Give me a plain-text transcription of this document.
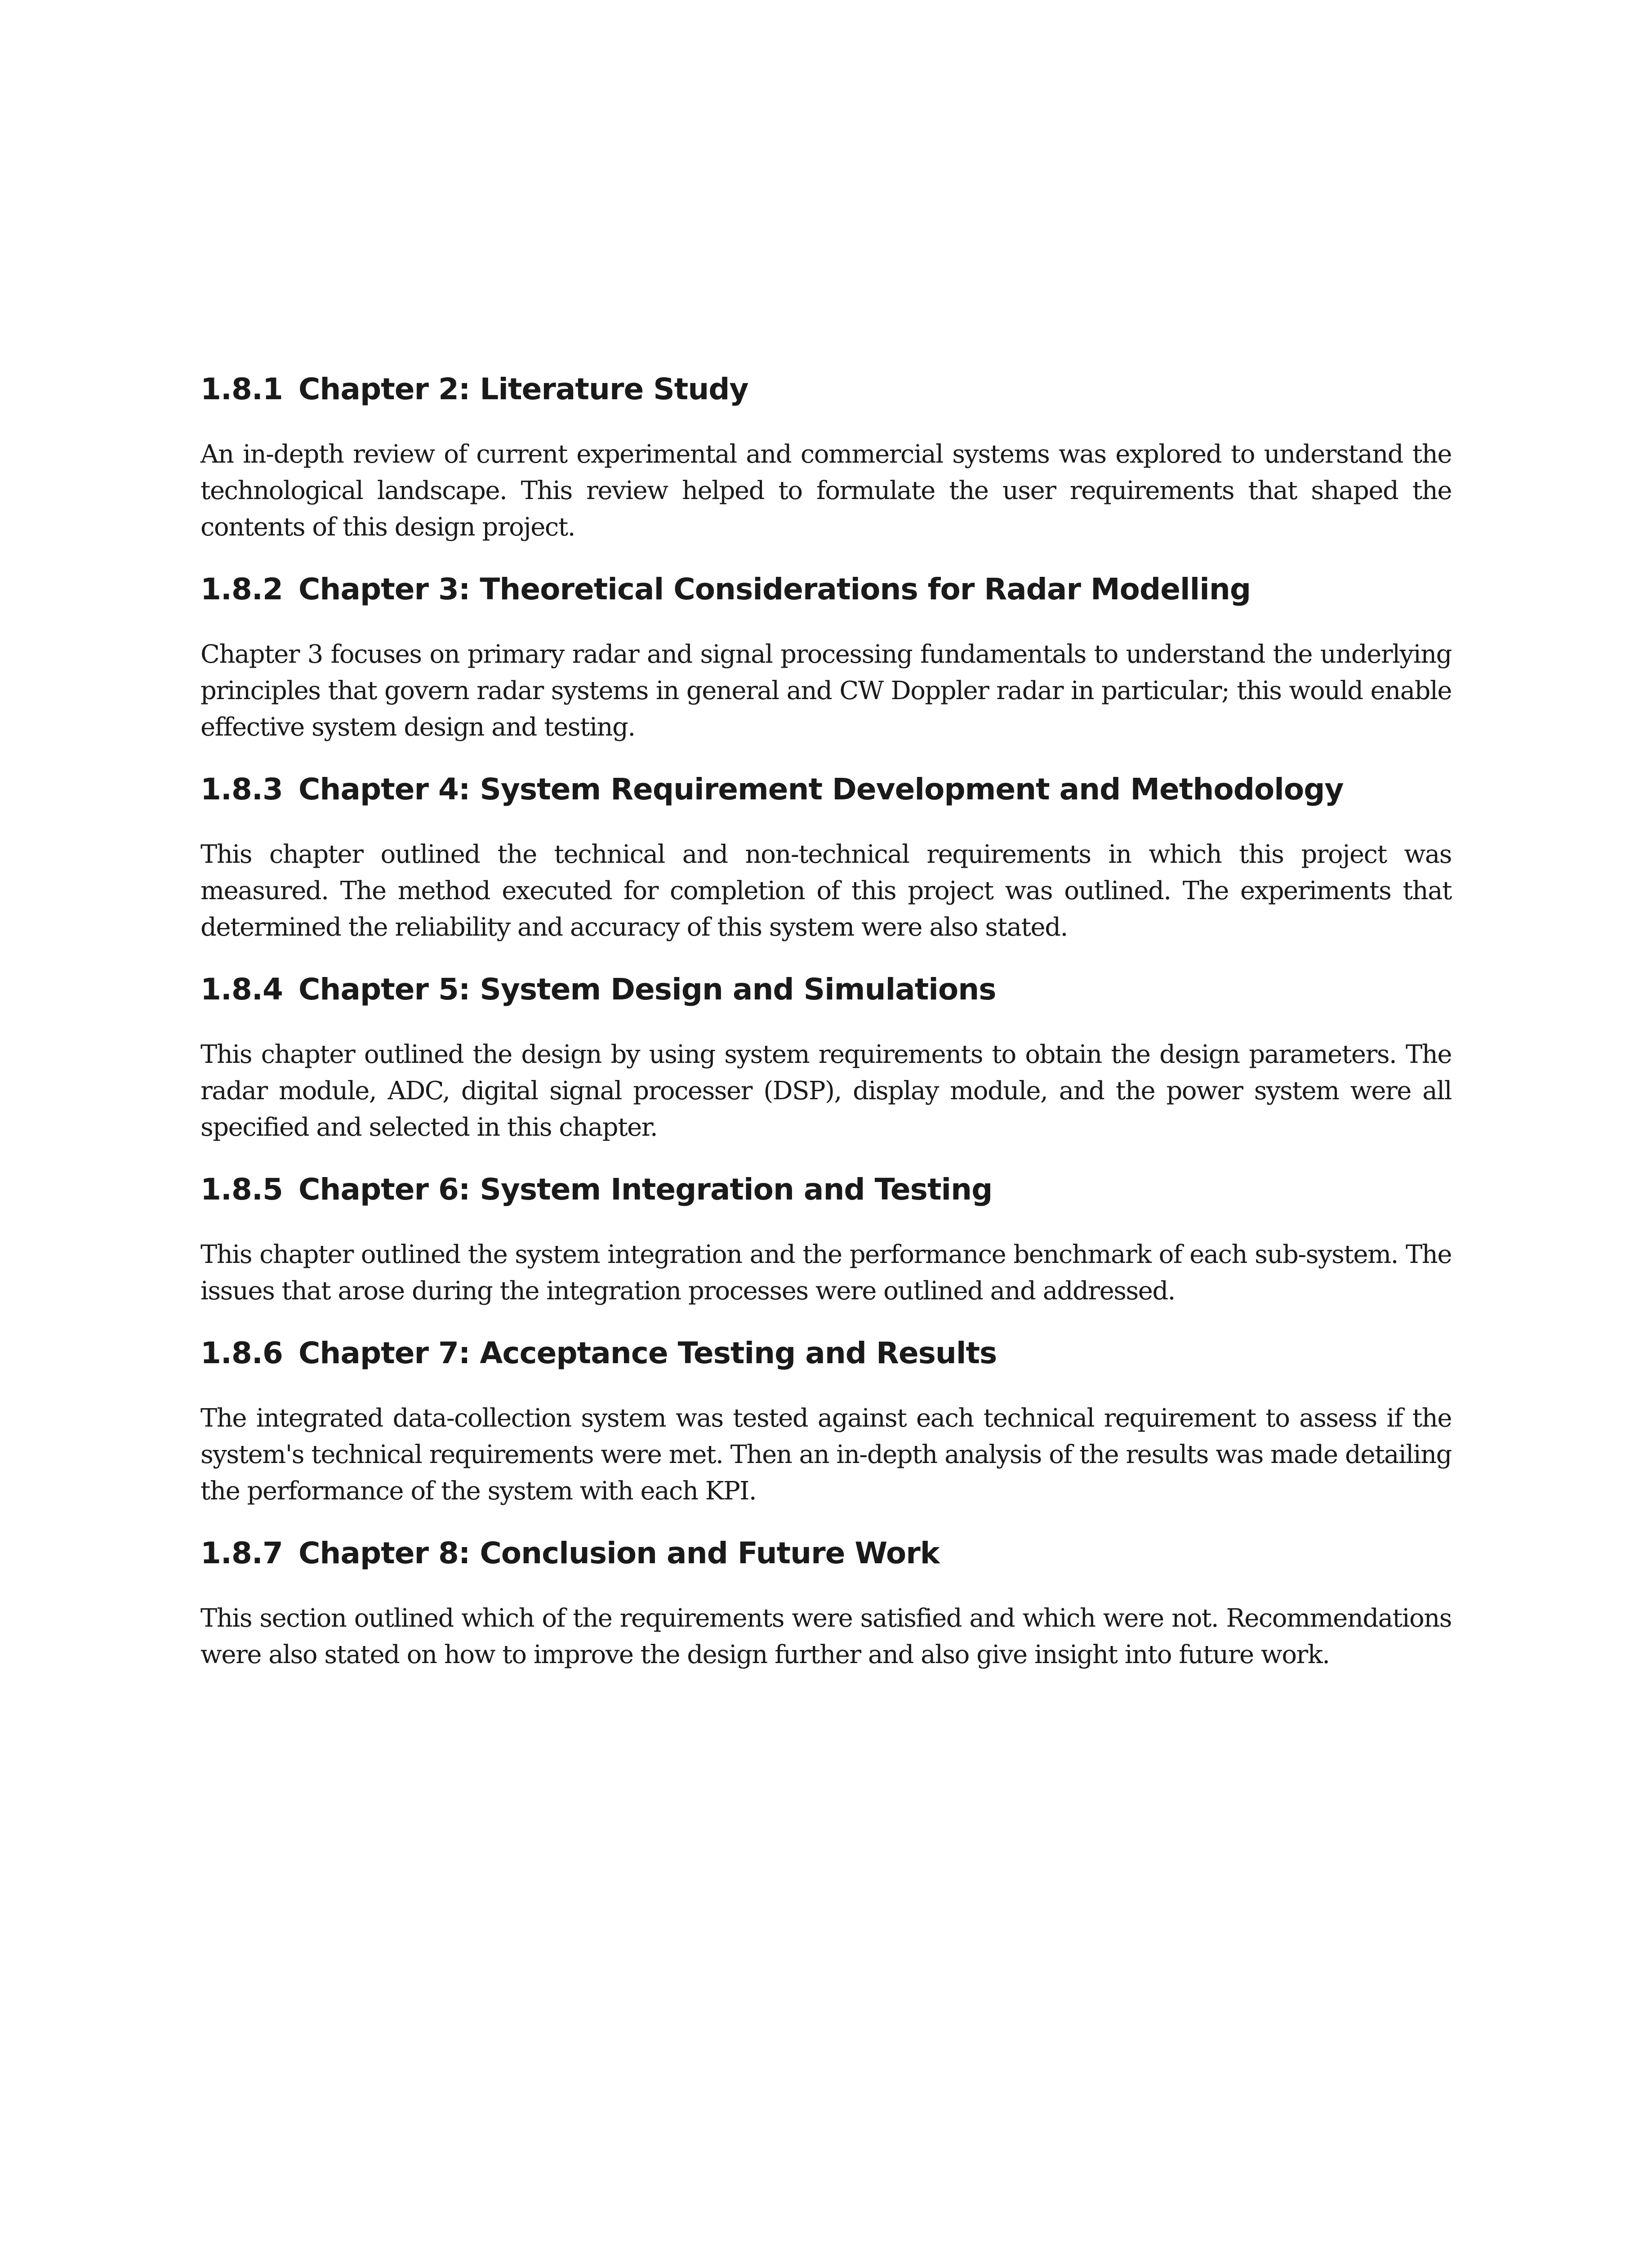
1.8.1 Chapter 2: Literature Study

An in-depth review of current experimental and commercial systems was explored to understand the technological landscape. This review helped to formulate the user requirements that shaped the contents of this design project.

1.8.2 Chapter 3: Theoretical Considerations for Radar Modelling

Chapter 3 focuses on primary radar and signal processing fundamentals to understand the underlying principles that govern radar systems in general and CW Doppler radar in particular; this would enable effective system design and testing.

1.8.3 Chapter 4: System Requirement Development and Methodology

This chapter outlined the technical and non-technical requirements in which this project was measured. The method executed for completion of this project was outlined. The experiments that determined the reliability and accuracy of this system were also stated.

1.8.4 Chapter 5: System Design and Simulations

This chapter outlined the design by using system requirements to obtain the design parameters. The radar module, ADC, digital signal processer (DSP), display module, and the power system were all specified and selected in this chapter.

1.8.5 Chapter 6: System Integration and Testing

This chapter outlined the system integration and the performance benchmark of each sub-system. The issues that arose during the integration processes were outlined and addressed.

1.8.6 Chapter 7: Acceptance Testing and Results

The integrated data-collection system was tested against each technical requirement to assess if the system's technical requirements were met. Then an in-depth analysis of the results was made detailing the performance of the system with each KPI.

1.8.7 Chapter 8: Conclusion and Future Work

This section outlined which of the requirements were satisfied and which were not. Recommendations were also stated on how to improve the design further and also give insight into future work.
